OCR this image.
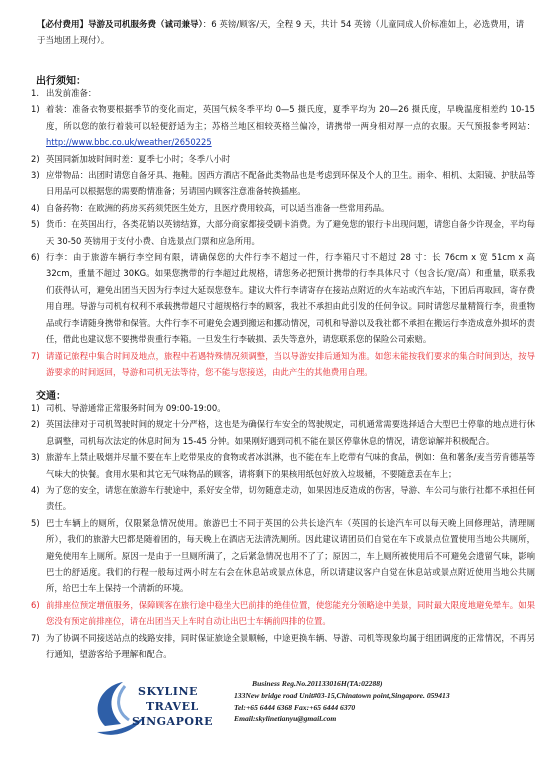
【必付费用】导游及司机服务费（诚司兼导）：6 英镑/顾客/天，全程 9 天，共计 54 英镑（儿童同成人价标准如上，必选费用，请于当地团上现付）。
出行须知：
1. 出发前准备：
1) 着装：准备衣物要根据季节的变化而定，英国气候冬季平均 0—5 摄氏度，夏季平均为 20—26 摄氏度，早晚温度相差约 10-15 度，所以您的旅行着装可以轻便舒适为主；苏格兰地区相较英格兰偏冷，请携带一两身相对厚一点的衣服。天气预报参考网站：http://www.bbc.co.uk/weather/2650225
2) 英国同新加坡时间时差：夏季七小时；冬季八小时
3) 应带物品：出团时请您自备牙具、拖鞋。因西方酒店不配备此类物品也是考虑到环保及个人的卫生。雨伞、相机、太阳镜、护肤品等日用品可以根据您的需要酌情准备；另请国内顾客注意准备转换插座。
4) 自备药物：在欧洲的药房买药须凭医生处方，且医疗费用较高，可以适当准备一些常用药品。
5) 货币：在英国出行，各类花销以英镑结算，大部分商家都接受刷卡消费。为了避免您的银行卡出现问题，请您自备少许现金，平均每天 30-50 英镑用于支付小费、自选景点门票和应急所用。
6) 行李：由于旅游车辆行李空间有限，请确保您的大件行李不超过一件，行李箱尺寸不超过 28 寸：长 76cm x 宽 51cm x 高 32cm，重量不超过 30KG。如果您携带的行李超过此规格，请您务必把预计携带的行李具体尺寸（包含长/宽/高）和重量，联系我们获得认可，避免出团当天因为行李过大延误您登车。建议大件行李请寄存在接站点附近的火车站或汽车站，下团后再取回，寄存费用自理。导游与司机有权利不承载携带超尺寸超规格行李的顾客，我社不承担由此引发的任何争议。同时请您尽量精简行李，贵重物品或行李请随身携带和保管。大件行李不可避免会遇到搬运和挪动情况，司机和导游以及我社都不承担在搬运行李造成意外损坏的责任，借此也建议您不要携带贵重行李箱。一旦发生行李破损、丢失等意外，请您联系您的保险公司索赔。
7) 请谨记旅程中集合时间及地点，旅程中若遇特殊情况须调整，当以导游安排后通知为准。如您未能按我们要求的集合时间到达，按导游要求的时间返回，导游和司机无法等待，您不能与您接送，由此产生的其他费用自理。
交通：
1) 司机、导游通常正常服务时间为 09:00-19:00。
2) 英国法律对于司机驾驶时间的规定十分严格，这也是为确保行车安全的驾驶规定，司机通常需要选择适合大型巴士停靠的地点进行休息调整，司机每次法定的休息时间为 15-45 分钟。如果刚好遇到司机不能在景区停靠休息的情况，请您谅解并积极配合。
3) 旅游车上禁止吸烟并尽量不要在车上吃带果皮的食物或者冰淇淋，也不能在车上吃带有气味的食品，例如：鱼和薯条/麦当劳肯德基等气味大的快餐。食用水果和其它无气味物品的顾客，请将剩下的果核用纸包好放入垃圾桶，不要随意丢在车上；
4) 为了您的安全，请您在旅游车行驶途中，系好安全带，切勿随意走动，如果因违反造成的伤害，导游、车公司与旅行社都不承担任何责任。
5) 巴士车辆上的厕所，仅限紧急情况使用。旅游巴士不同于英国的公共长途汽车（英国的长途汽车可以每天晚上回修理站，清理厕所），我们的旅游大巴都是随着团的，每天晚上在酒店无法清洗厕所。因此建议请团员们自觉在车下或景点位置使用当地公共厕所，避免使用车上厕所。原因一是由于一旦厕所满了，之后紧急情况也用不了了；原因二，车上厕所被使用后不可避免会遗留气味，影响巴士的舒适度。我们的行程一般每过两小时左右会在休息站或景点休息，所以请建议客户自觉在休息站或景点附近使用当地公共厕所，给巴士车上保持一个清新的环境。
6) 前排座位预定增值服务，保障顾客在旅行途中稳坐大巴前排的绝佳位置，使您能充分领略途中美景，同时最大限度地避免晕车。如果您没有预定前排座位，请在出团当天上车时自动让出巴士车辆前四排的位置。
7) 为了协调不同接送站点的线路安排，同时保证旅途全景顺畅，中途更换车辆、导游、司机等现象均属于组团调度的正常情况，不再另行通知，望游客给予理解和配合。
SKYLINE
TRAVEL
SINGAPORE
Business Reg.No.201133016H(TA:02288)
133New bridge road Unit#03-15,Chinatown point,Singapore. 059413
Tel:+65 6444 6368 Fax:+65 6444 6370
Email:skylinetianyu@gmail.com
